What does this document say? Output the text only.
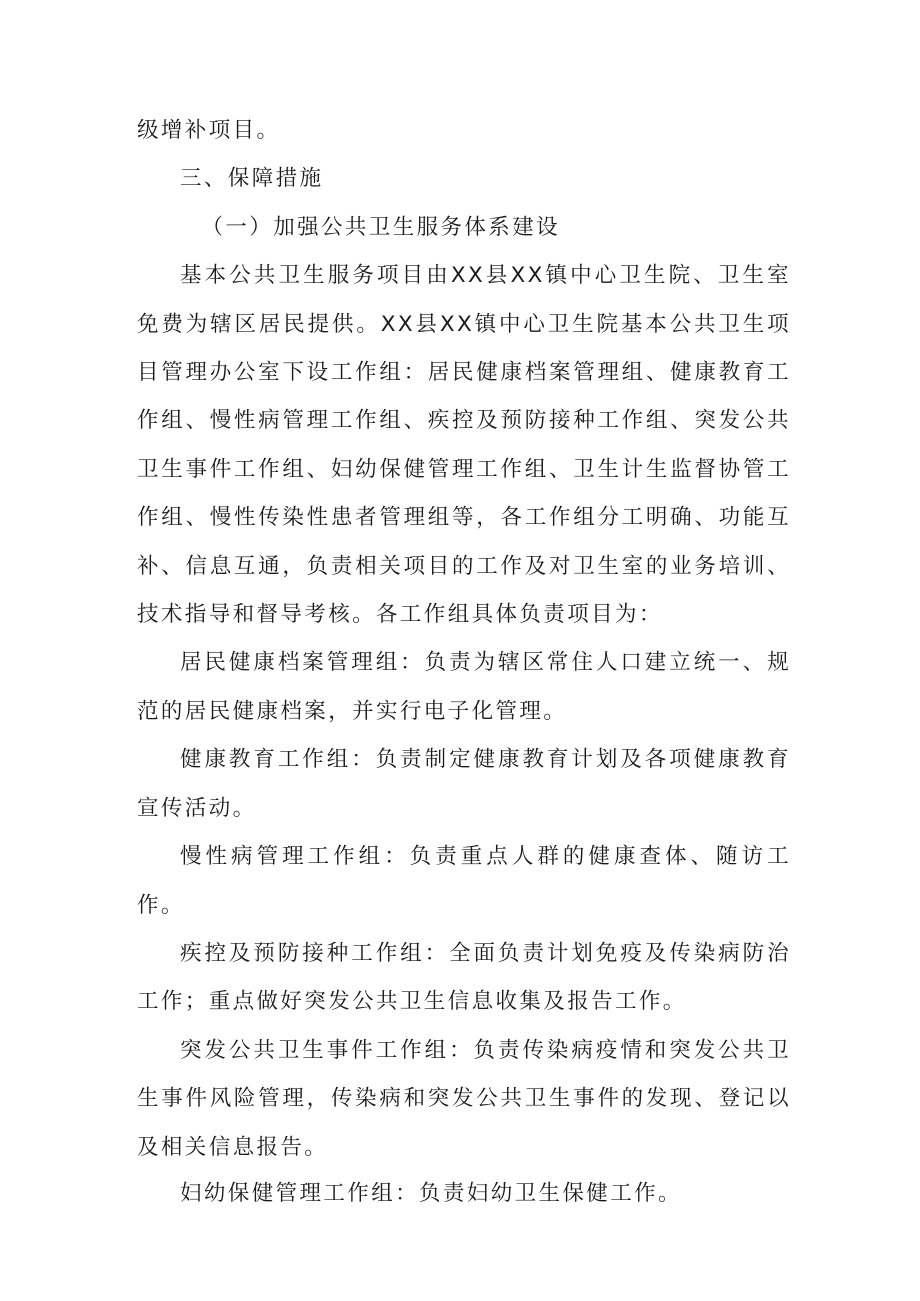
级增补项目。

三、保障措施

（一）加强公共卫生服务体系建设

基本公共卫生服务项目由XX县XX镇中心卫生院、卫生室免费为辖区居民提供。XX县XX镇中心卫生院基本公共卫生项目管理办公室下设工作组：居民健康档案管理组、健康教育工作组、慢性病管理工作组、疾控及预防接种工作组、突发公共卫生事件工作组、妇幼保健管理工作组、卫生计生监督协管工作组、慢性传染性患者管理组等，各工作组分工明确、功能互补、信息互通，负责相关项目的工作及对卫生室的业务培训、技术指导和督导考核。各工作组具体负责项目为：

居民健康档案管理组：负责为辖区常住人口建立统一、规范的居民健康档案，并实行电子化管理。

健康教育工作组：负责制定健康教育计划及各项健康教育宣传活动。

慢性病管理工作组：负责重点人群的健康查体、随访工作。

疾控及预防接种工作组：全面负责计划免疫及传染病防治工作；重点做好突发公共卫生信息收集及报告工作。

突发公共卫生事件工作组：负责传染病疫情和突发公共卫生事件风险管理，传染病和突发公共卫生事件的发现、登记以及相关信息报告。

妇幼保健管理工作组：负责妇幼卫生保健工作。
